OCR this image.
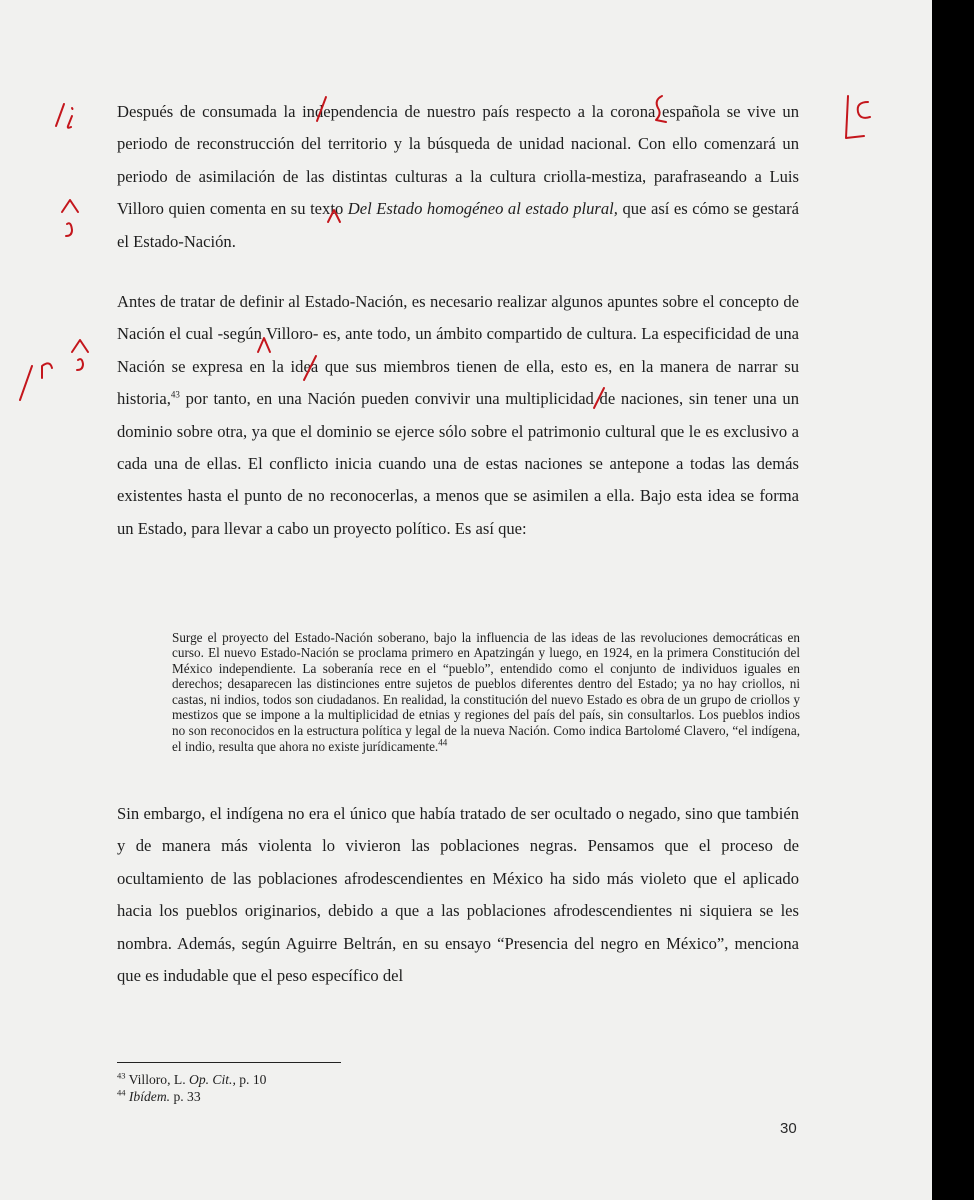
Después de consumada la independencia de nuestro país respecto a la corona española se vive un periodo de reconstrucción del territorio y la búsqueda de unidad nacional. Con ello comenzará un periodo de asimilación de las distintas culturas a la cultura criolla-mestiza, parafraseando a Luis Villoro quien comenta en su texto Del Estado homogéneo al estado plural, que así es cómo se gestará el Estado-Nación.

Antes de tratar de definir al Estado-Nación, es necesario realizar algunos apuntes sobre el concepto de Nación el cual -según Villoro- es, ante todo, un ámbito compartido de cultura. La especificidad de una Nación se expresa en la idea que sus miembros tienen de ella, esto es, en la manera de narrar su historia,$^{43}$ por tanto, en una Nación pueden convivir una multiplicidad de naciones, sin tener una un dominio sobre otra, ya que el dominio se ejerce sólo sobre el patrimonio cultural que le es exclusivo a cada una de ellas. El conflicto inicia cuando una de estas naciones se antepone a todas las demás existentes hasta el punto de no reconocerlas, a menos que se asimilen a ella. Bajo esta idea se forma un Estado, para llevar a cabo un proyecto político. Es así que:

Surge el proyecto del Estado-Nación soberano, bajo la influencia de las ideas de las revoluciones democráticas en curso. El nuevo Estado-Nación se proclama primero en Apatzingán y luego, en 1924, en la primera Constitución del México independiente. La soberanía rece en el “pueblo”, entendido como el conjunto de individuos iguales en derechos; desaparecen las distinciones entre sujetos de pueblos diferentes dentro del Estado; ya no hay criollos, ni castas, ni indios, todos son ciudadanos. En realidad, la constitución del nuevo Estado es obra de un grupo de criollos y mestizos que se impone a la multiplicidad de etnias y regiones del país del país, sin consultarlos. Los pueblos indios no son reconocidos en la estructura política y legal de la nueva Nación. Como indica Bartolomé Clavero, “el indígena, el indio, resulta que ahora no existe jurídicamente.$^{44}$

Sin embargo, el indígena no era el único que había tratado de ser ocultado o negado, sino que también y de manera más violenta lo vivieron las poblaciones negras. Pensamos que el proceso de ocultamiento de las poblaciones afrodescendientes en México ha sido más violeto que el aplicado hacia los pueblos originarios, debido a que a las poblaciones afrodescendientes ni siquiera se les nombra. Además, según Aguirre Beltrán, en su ensayo “Presencia del negro en México”, menciona que es indudable que el peso específico del

$^{43}$ Villoro, L. Op. Cit., p. 10
$^{44}$ Ibídem. p. 33
30
